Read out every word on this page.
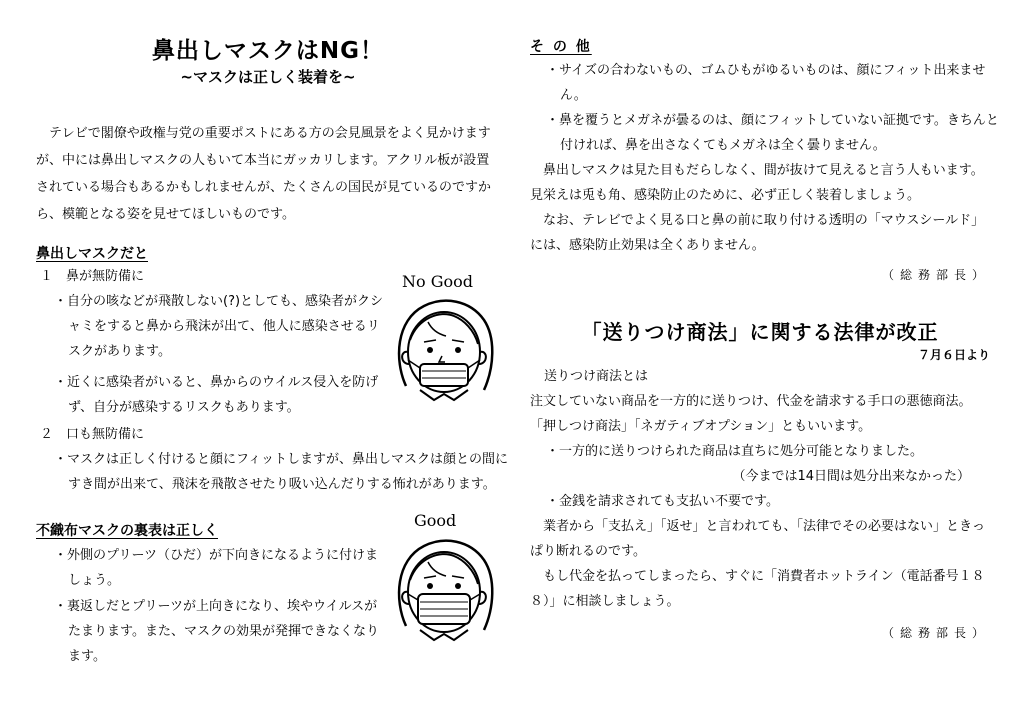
鼻出しマスクはNG！
~マスクは正しく装着を~
テレビで閣僚や政権与党の重要ポストにある方の会見風景をよく見かけますが、中には鼻出しマスクの人もいて本当にガッカリします。アクリル板が設置されている場合もあるかもしれませんが、たくさんの国民が見ているのですから、模範となる姿を見せてほしいものです。
鼻出しマスクだと
１　鼻が無防備に
・自分の咳などが飛散しない(?)としても、感染者がクシャミをすると鼻から飛沫が出て、他人に感染させるリスクがあります。
・近くに感染者がいると、鼻からのウイルス侵入を防げず、自分が感染するリスクもあります。
２　口も無防備に
・マスクは正しく付けると顔にフィットしますが、鼻出しマスクは顔との間にすき間が出来て、飛沫を飛散させたり吸い込んだりする怖れがあります。
不織布マスクの裏表は正しく
・外側のプリーツ（ひだ）が下向きになるように付けましょう。
・裏返しだとプリーツが上向きになり、埃やウイルスがたまります。また、マスクの効果が発揮できなくなります。
No Good
Good
そ の 他
・サイズの合わないもの、ゴムひもがゆるいものは、顔にフィット出来ません。
・鼻を覆うとメガネが曇るのは、顔にフィットしていない証拠です。きちんと付ければ、鼻を出さなくてもメガネは全く曇りません。
鼻出しマスクは見た目もだらしなく、間が抜けて見えると言う人もいます。見栄えは兎も角、感染防止のために、必ず正しく装着しましょう。
なお、テレビでよく見る口と鼻の前に取り付ける透明の「マウスシールド」には、感染防止効果は全くありません。
（総務部長）
「送りつけ商法」に関する法律が改正
７月６日より
送りつけ商法とは
注文していない商品を一方的に送りつけ、代金を請求する手口の悪徳商法。「押しつけ商法」「ネガティブオプション」ともいいます。
・一方的に送りつけられた商品は直ちに処分可能となりました。
（今までは14日間は処分出来なかった）
・金銭を請求されても支払い不要です。
業者から「支払え」「返せ」と言われても、「法律でその必要はない」ときっぱり断れるのです。
もし代金を払ってしまったら、すぐに「消費者ホットライン（電話番号１８８）」に相談しましょう。
（総務部長）
